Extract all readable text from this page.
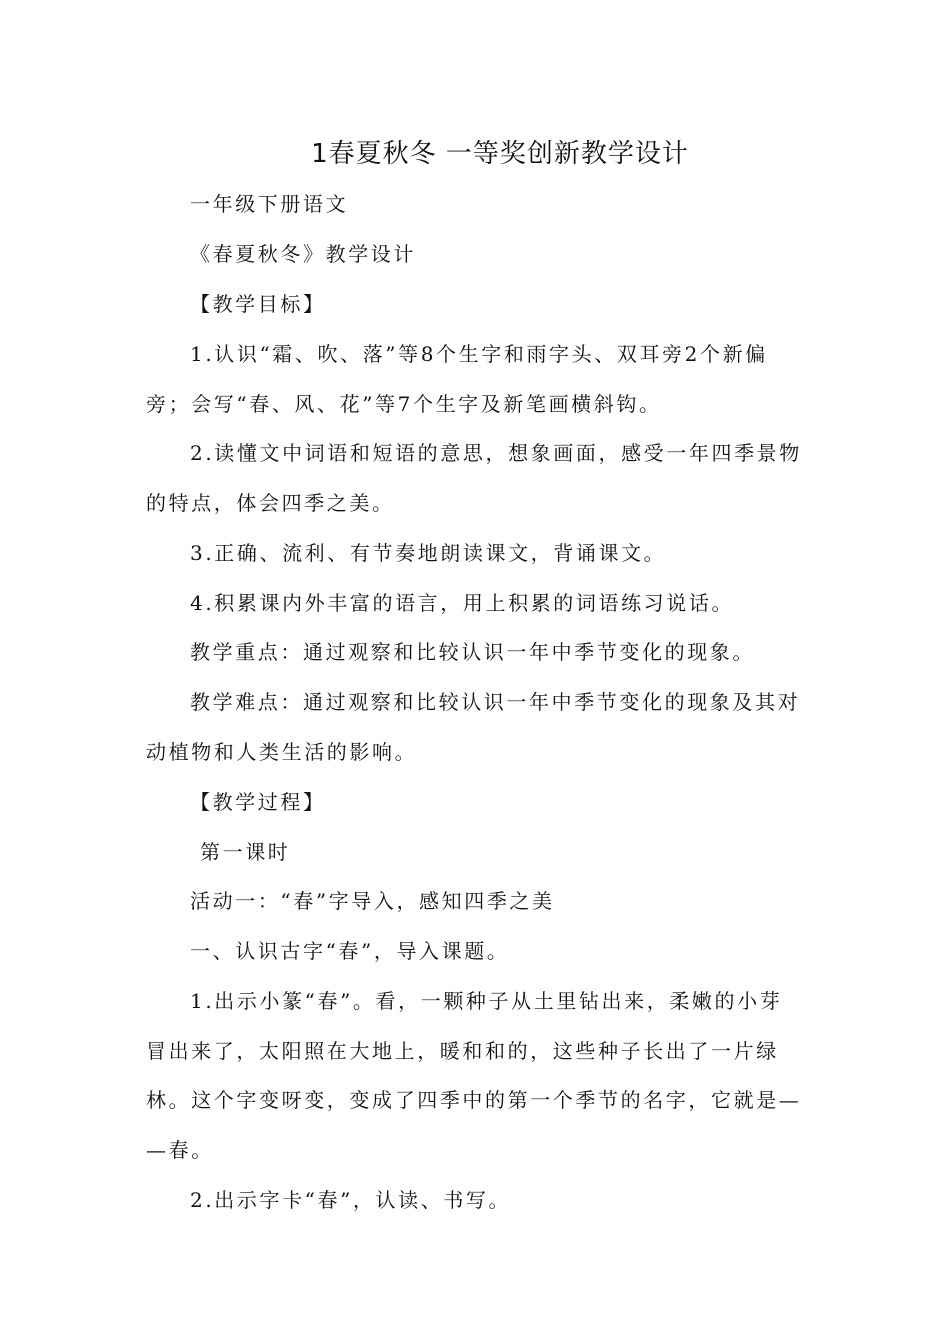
1春夏秋冬 一等奖创新教学设计

一年级下册语文

《春夏秋冬》教学设计

【教学目标】

1.认识“霜、吹、落”等8个生字和雨字头、双耳旁2个新偏

旁；会写“春、风、花”等7个生字及新笔画横斜钩。

2.读懂文中词语和短语的意思，想象画面，感受一年四季景物

的特点，体会四季之美。

3.正确、流利、有节奏地朗读课文，背诵课文。

4.积累课内外丰富的语言，用上积累的词语练习说话。

教学重点：通过观察和比较认识一年中季节变化的现象。

教学难点：通过观察和比较认识一年中季节变化的现象及其对

动植物和人类生活的影响。

【教学过程】

第一课时

活动一：“春”字导入，感知四季之美

一、认识古字“春”，导入课题。

1.出示小篆“春”。看，一颗种子从土里钻出来，柔嫩的小芽

冒出来了，太阳照在大地上，暖和和的，这些种子长出了一片绿

林。这个字变呀变，变成了四季中的第一个季节的名字，它就是—

—春。

2.出示字卡“春”，认读、书写。
